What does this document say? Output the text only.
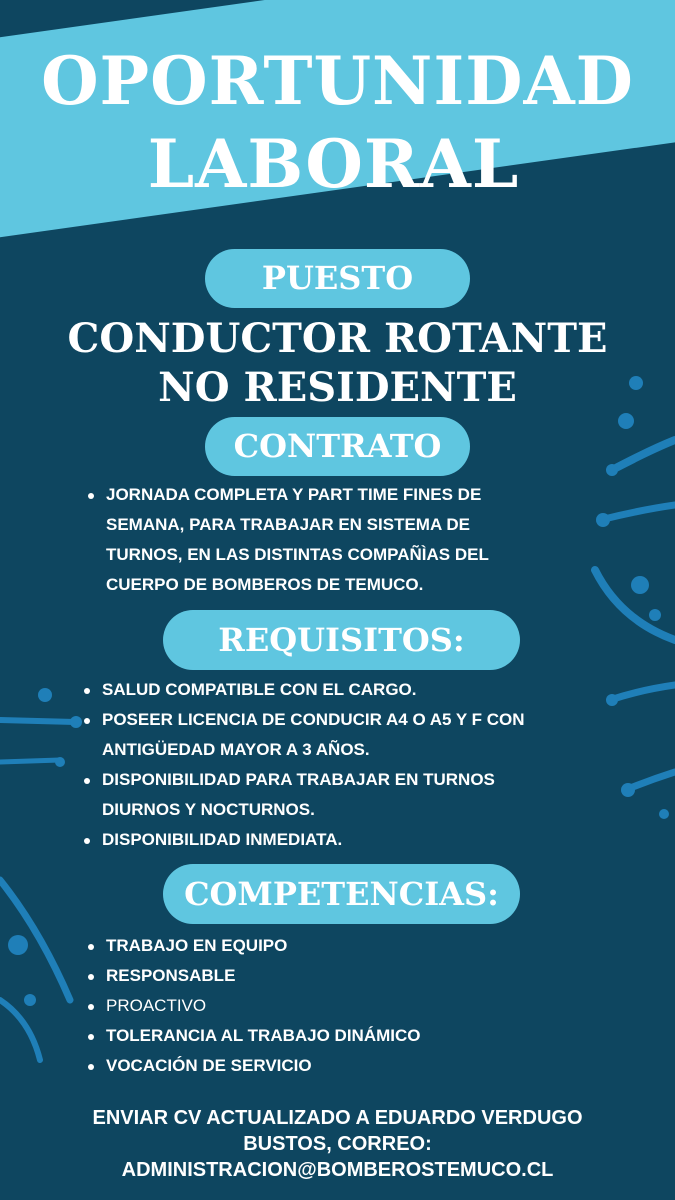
OPORTUNIDAD
LABORAL
PUESTO
CONDUCTOR ROTANTE
NO RESIDENTE
CONTRATO
JORNADA COMPLETA Y PART TIME FINES DE SEMANA, PARA TRABAJAR EN SISTEMA DE TURNOS, EN LAS DISTINTAS COMPAÑÌAS DEL CUERPO DE BOMBEROS DE TEMUCO.
REQUISITOS:
SALUD COMPATIBLE CON EL CARGO.
POSEER LICENCIA DE CONDUCIR A4 O A5 Y F CON ANTIGÜEDAD MAYOR A 3 AÑOS.
DISPONIBILIDAD PARA TRABAJAR EN TURNOS DIURNOS Y NOCTURNOS.
DISPONIBILIDAD INMEDIATA.
COMPETENCIAS:
TRABAJO EN EQUIPO
RESPONSABLE
PROACTIVO
TOLERANCIA AL TRABAJO DINÁMICO
VOCACIÓN DE SERVICIO
ENVIAR CV ACTUALIZADO A EDUARDO VERDUGO
BUSTOS, CORREO:
ADMINISTRACION@BOMBEROSTEMUCO.CL
